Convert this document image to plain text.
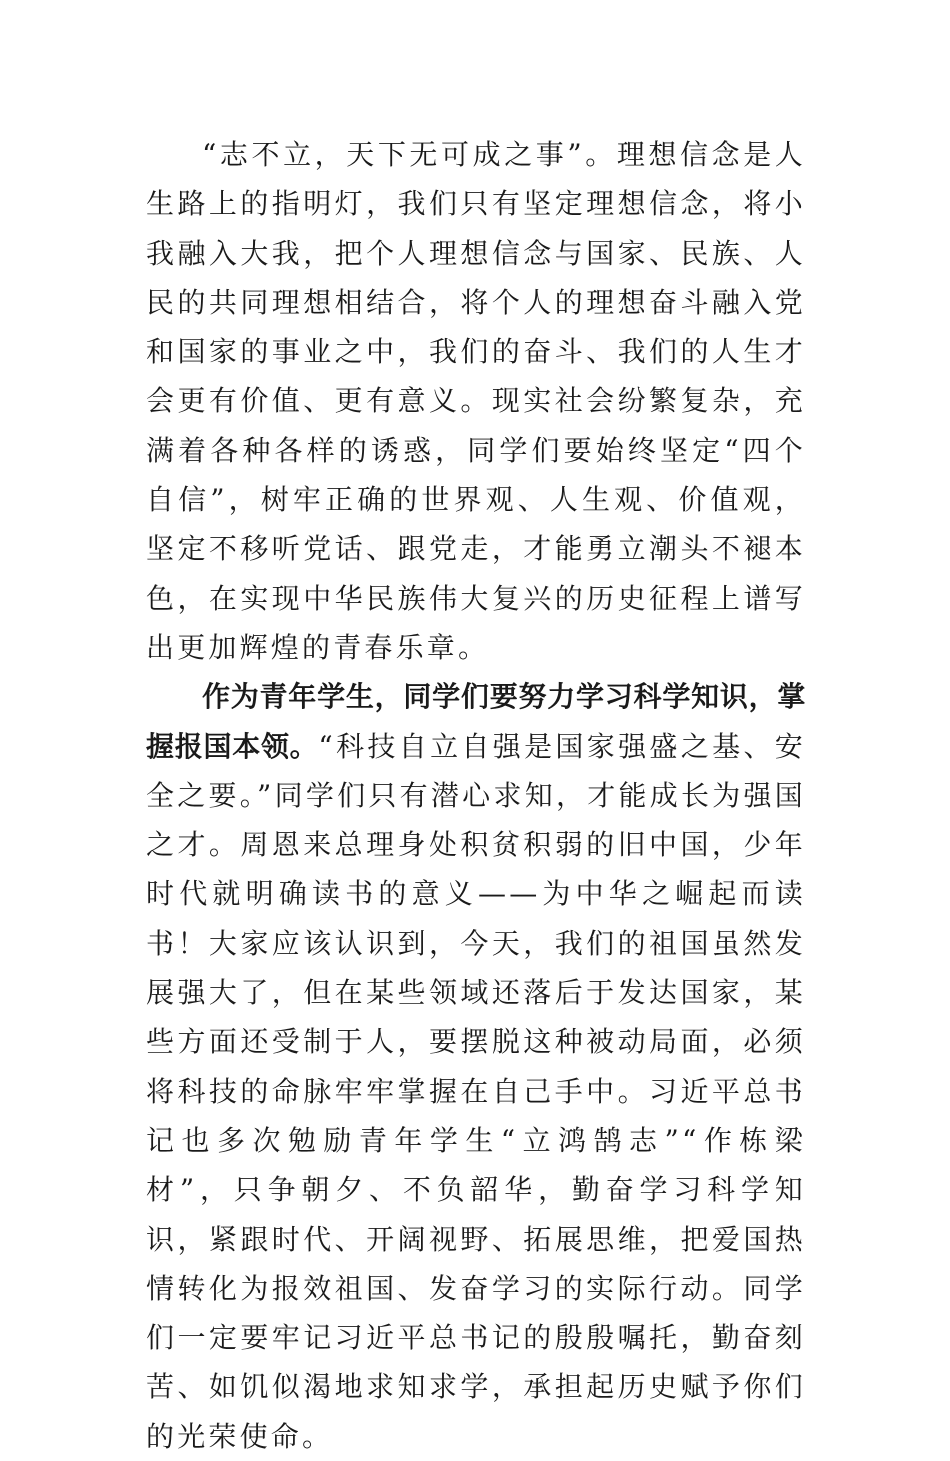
“志不立，天下无可成之事”。理想信念是人生路上的指明灯，我们只有坚定理想信念，将小我融入大我，把个人理想信念与国家、民族、人民的共同理想相结合，将个人的理想奋斗融入党和国家的事业之中，我们的奋斗、我们的人生才会更有价值、更有意义。现实社会纷繁复杂，充满着各种各样的诱惑，同学们要始终坚定“四个自信”，树牢正确的世界观、人生观、价值观，坚定不移听党话、跟党走，才能勇立潮头不褪本色，在实现中华民族伟大复兴的历史征程上谱写出更加辉煌的青春乐章。

作为青年学生，同学们要努力学习科学知识，掌握报国本领。“科技自立自强是国家强盛之基、安全之要。”同学们只有潜心求知，才能成长为强国之才。周恩来总理身处积贫积弱的旧中国，少年时代就明确读书的意义——为中华之崛起而读书！大家应该认识到，今天，我们的祖国虽然发展强大了，但在某些领域还落后于发达国家，某些方面还受制于人，要摆脱这种被动局面，必须将科技的命脉牢牢掌握在自己手中。习近平总书记也多次勉励青年学生“立鸿鹄志”“作栋梁材”，只争朝夕、不负韶华，勤奋学习科学知识，紧跟时代、开阔视野、拓展思维，把爱国热情转化为报效祖国、发奋学习的实际行动。同学们一定要牢记习近平总书记的殷殷嘱托，勤奋刻苦、如饥似渴地求知求学，承担起历史赋予你们的光荣使命。
